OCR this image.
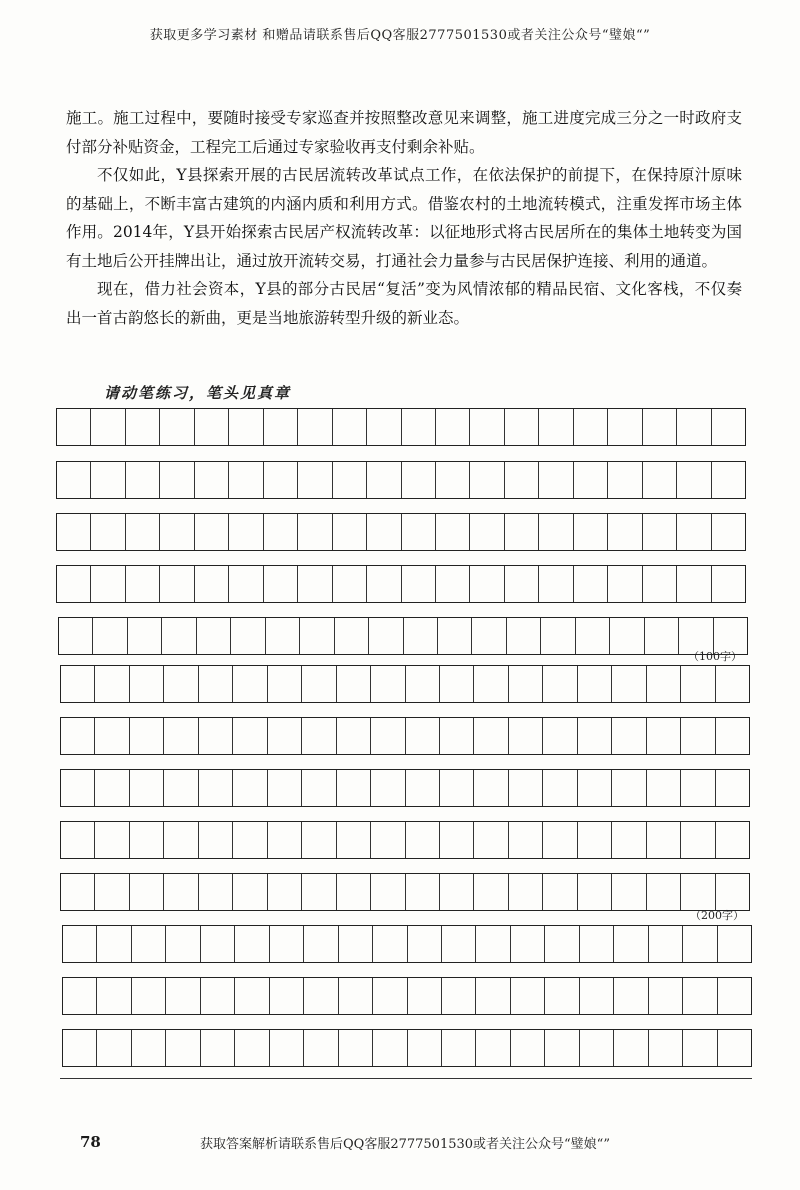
获取更多学习素材 和赠品请联系售后QQ客服2777501530或者关注公众号“璧娘“”

施工。施工过程中，要随时接受专家巡查并按照整改意见来调整，施工进度完成三分之一时政府支付部分补贴资金，工程完工后通过专家验收再支付剩余补贴。

不仅如此，Y县探索开展的古民居流转改革试点工作，在依法保护的前提下，在保持原汁原味的基础上，不断丰富古建筑的内涵内质和利用方式。借鉴农村的土地流转模式，注重发挥市场主体作用。2014年，Y县开始探索古民居产权流转改革：以征地形式将古民居所在的集体土地转变为国有土地后公开挂牌出让，通过放开流转交易，打通社会力量参与古民居保护连接、利用的通道。

现在，借力社会资本，Y县的部分古民居“复活”变为风情浓郁的精品民宿、文化客栈，不仅奏出一首古韵悠长的新曲，更是当地旅游转型升级的新业态。

请动笔练习，笔头见真章
（100字）
（200字）
78	获取答案解析请联系售后QQ客服2777501530或者关注公众号“璧娘“”
